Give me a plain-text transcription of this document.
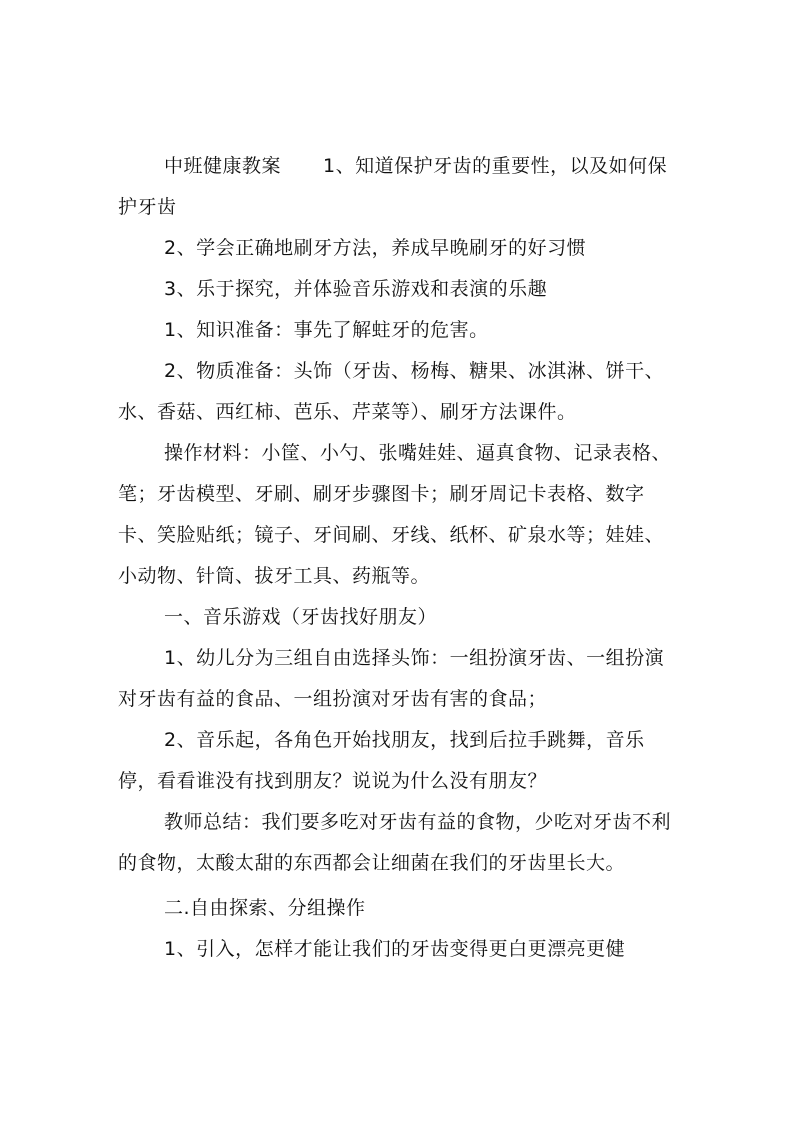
中班健康教案 1、知道保护牙齿的重要性，以及如何保护牙齿

2、学会正确地刷牙方法，养成早晚刷牙的好习惯

3、乐于探究，并体验音乐游戏和表演的乐趣

1、知识准备：事先了解蛀牙的危害。

2、物质准备：头饰（牙齿、杨梅、糖果、冰淇淋、饼干、水、香菇、西红柿、芭乐、芹菜等）、刷牙方法课件。

操作材料：小筐、小勺、张嘴娃娃、逼真食物、记录表格、笔；牙齿模型、牙刷、刷牙步骤图卡；刷牙周记卡表格、数字卡、笑脸贴纸；镜子、牙间刷、牙线、纸杯、矿泉水等；娃娃、小动物、针筒、拔牙工具、药瓶等。

一、音乐游戏（牙齿找好朋友）

1、幼儿分为三组自由选择头饰：一组扮演牙齿、一组扮演对牙齿有益的食品、一组扮演对牙齿有害的食品；

2、音乐起，各角色开始找朋友，找到后拉手跳舞，音乐停，看看谁没有找到朋友？说说为什么没有朋友？

教师总结：我们要多吃对牙齿有益的食物，少吃对牙齿不利的食物，太酸太甜的东西都会让细菌在我们的牙齿里长大。

二.自由探索、分组操作

1、引入，怎样才能让我们的牙齿变得更白更漂亮更健
